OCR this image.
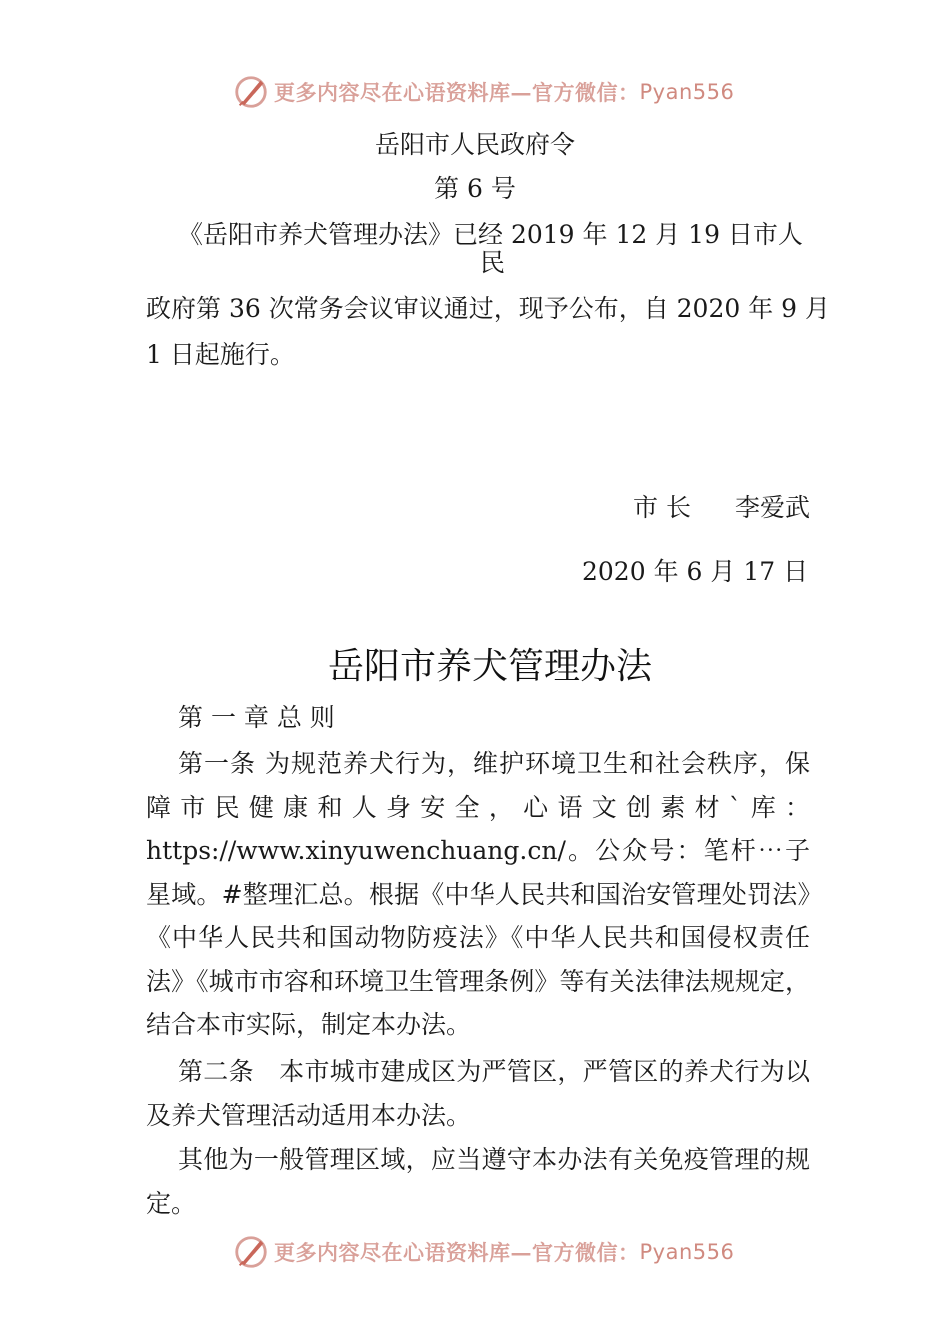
更多内容尽在心语资料库—官方微信： Pyan556
岳阳市人民政府令
第 6 号
《岳阳市养犬管理办法》已经 2019 年 12 月 19 日市人
民
政府第 36 次常务会议审议通过，现予公布，自 2020 年 9 月
1 日起施行。
市 长 李爱武
2020 年 6 月 17 日
岳阳市养犬管理办法
第 一 章 总 则
第一条 为规范养犬行为，维护环境卫生和社会秩序，保障市民健康和人身安全，心语文创素材`库：https://www.xinyuwenchuang.cn/。公众号：笔杆⋯子星域。#整理汇总。根据《中华人民共和国治安管理处罚法》《中华人民共和国动物防疫法》《中华人民共和国侵权责任法》《城市市容和环境卫生管理条例》等有关法律法规规定，结合本市实际，制定本办法。
第二条　本市城市建成区为严管区，严管区的养犬行为以及养犬管理活动适用本办法。
其他为一般管理区域，应当遵守本办法有关免疫管理的规定。
更多内容尽在心语资料库—官方微信： Pyan556
